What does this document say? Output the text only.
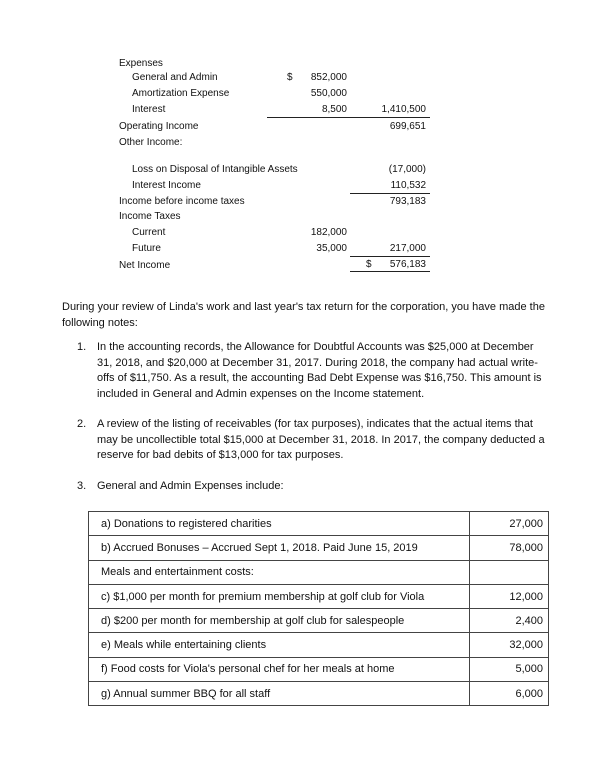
Expenses
General and Admin	$	852,000
Amortization Expense	550,000
Interest	8,500	1,410,500
Operating Income	699,651
Other Income:
Loss on Disposal of Intangible Assets	(17,000)
Interest Income	110,532
Income before income taxes	793,183
Income Taxes
Current	182,000
Future	35,000	217,000
Net Income	$	576,183

During your review of Linda's work and last year's tax return for the corporation, you have made the following notes:

1. In the accounting records, the Allowance for Doubtful Accounts was $25,000 at December 31, 2018, and $20,000 at December 31, 2017. During 2018, the company had actual write-offs of $11,750. As a result, the accounting Bad Debt Expense was $16,750. This amount is included in General and Admin expenses on the Income statement.
2. A review of the listing of receivables (for tax purposes), indicates that the actual items that may be uncollectible total $15,000 at December 31, 2018. In 2017, the company deducted a reserve for bad debits of $13,000 for tax purposes.
3. General and Admin Expenses include:
a) Donations to registered charities	27,000
b) Accrued Bonuses – Accrued Sept 1, 2018. Paid June 15, 2019	78,000
Meals and entertainment costs:	
c) $1,000 per month for premium membership at golf club for Viola	12,000
d) $200 per month for membership at golf club for salespeople	2,400
e) Meals while entertaining clients	32,000
f) Food costs for Viola's personal chef for her meals at home	5,000
g) Annual summer BBQ for all staff	6,000
